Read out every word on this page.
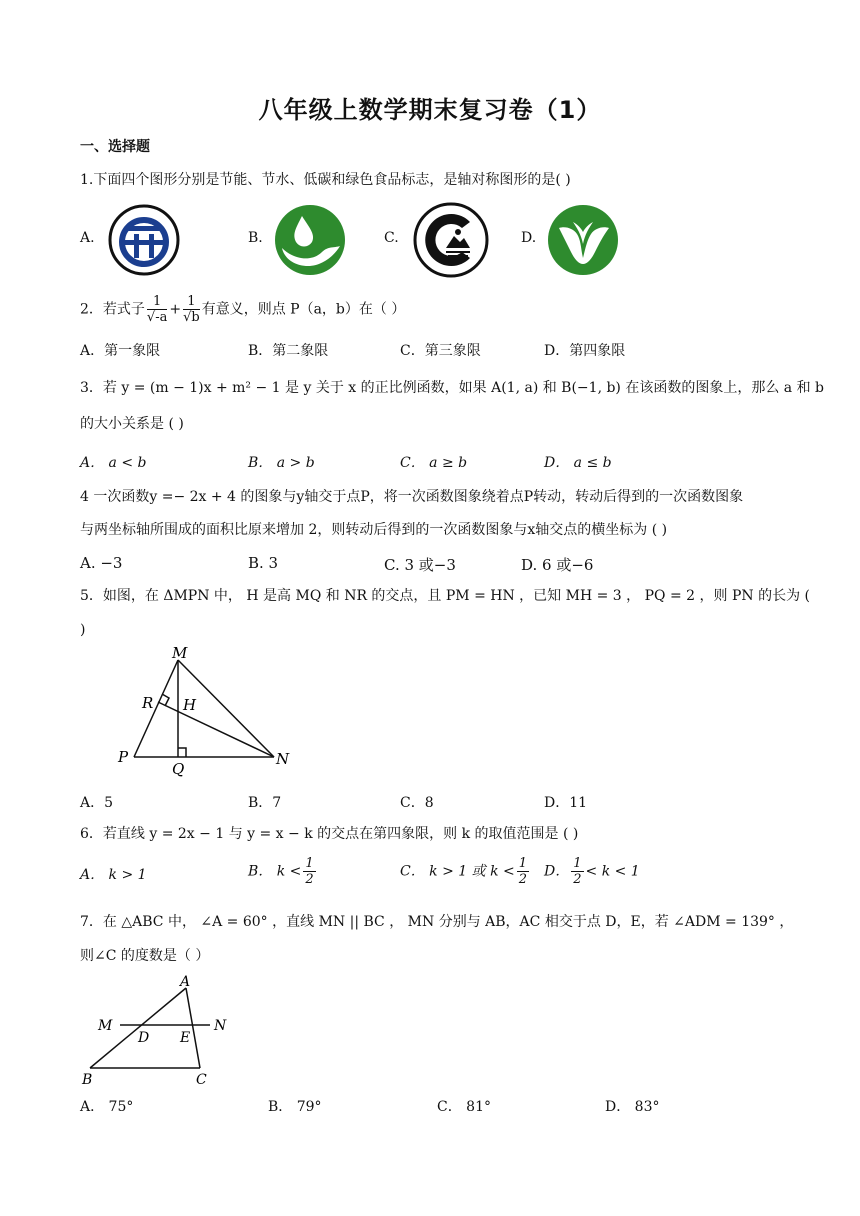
八年级上数学期末复习卷（1）
一、选择题
1.下面四个图形分别是节能、节水、低碳和绿色食品标志，是轴对称图形的是( )
A.	B.	C.	D.
2．若式子 $\frac{1}{√-a} + \frac{1}{√b}$ 有意义，则点 P（a，b）在（ ）
A．第一象限	B．第二象限	C．第三象限	D．第四象限
3．若 y = (m − 1)x + m² − 1 是 y 关于 x 的正比例函数，如果 A(1, a) 和 B(−1, b) 在该函数的图象上，那么 a 和 b
的大小关系是 ( )
A． a < b	B． a > b	C． a ≥ b	D． a ≤ b
4 一次函数y =− 2x + 4 的图象与y轴交于点P，将一次函数图象绕着点P转动，转动后得到的一次函数图象
与两坐标轴所围成的面积比原来增加 2，则转动后得到的一次函数图象与x轴交点的横坐标为 ( )
A. −3	B. 3	C. 3 或−3	D. 6 或−6
5．如图，在 ΔMPN 中， H 是高 MQ 和 NR 的交点，且 PM = HN ，已知 MH = 3 ， PQ = 2 ，则 PN 的长为 (
)
M
R H
P
Q
N
A．5	B．7	C．8	D．11
6．若直线 y = 2x − 1 与 y = x − k 的交点在第四象限，则 k 的取值范围是 ( )
A． k > 1	B． $k < \frac{1}{2}$	C． k > 1 或 $k < \frac{1}{2}$ D． $\frac{1}{2} < k < 1$
7．在 △ABC 中， ∠A = 60° ，直线 MN || BC ， MN 分别与 AB，AC 相交于点 D，E，若 ∠ADM = 139° ，
则∠C 的度数是（ ）
A
M
D E
N
B	C
A． 75°	B． 79°	C． 81°	D． 83°
